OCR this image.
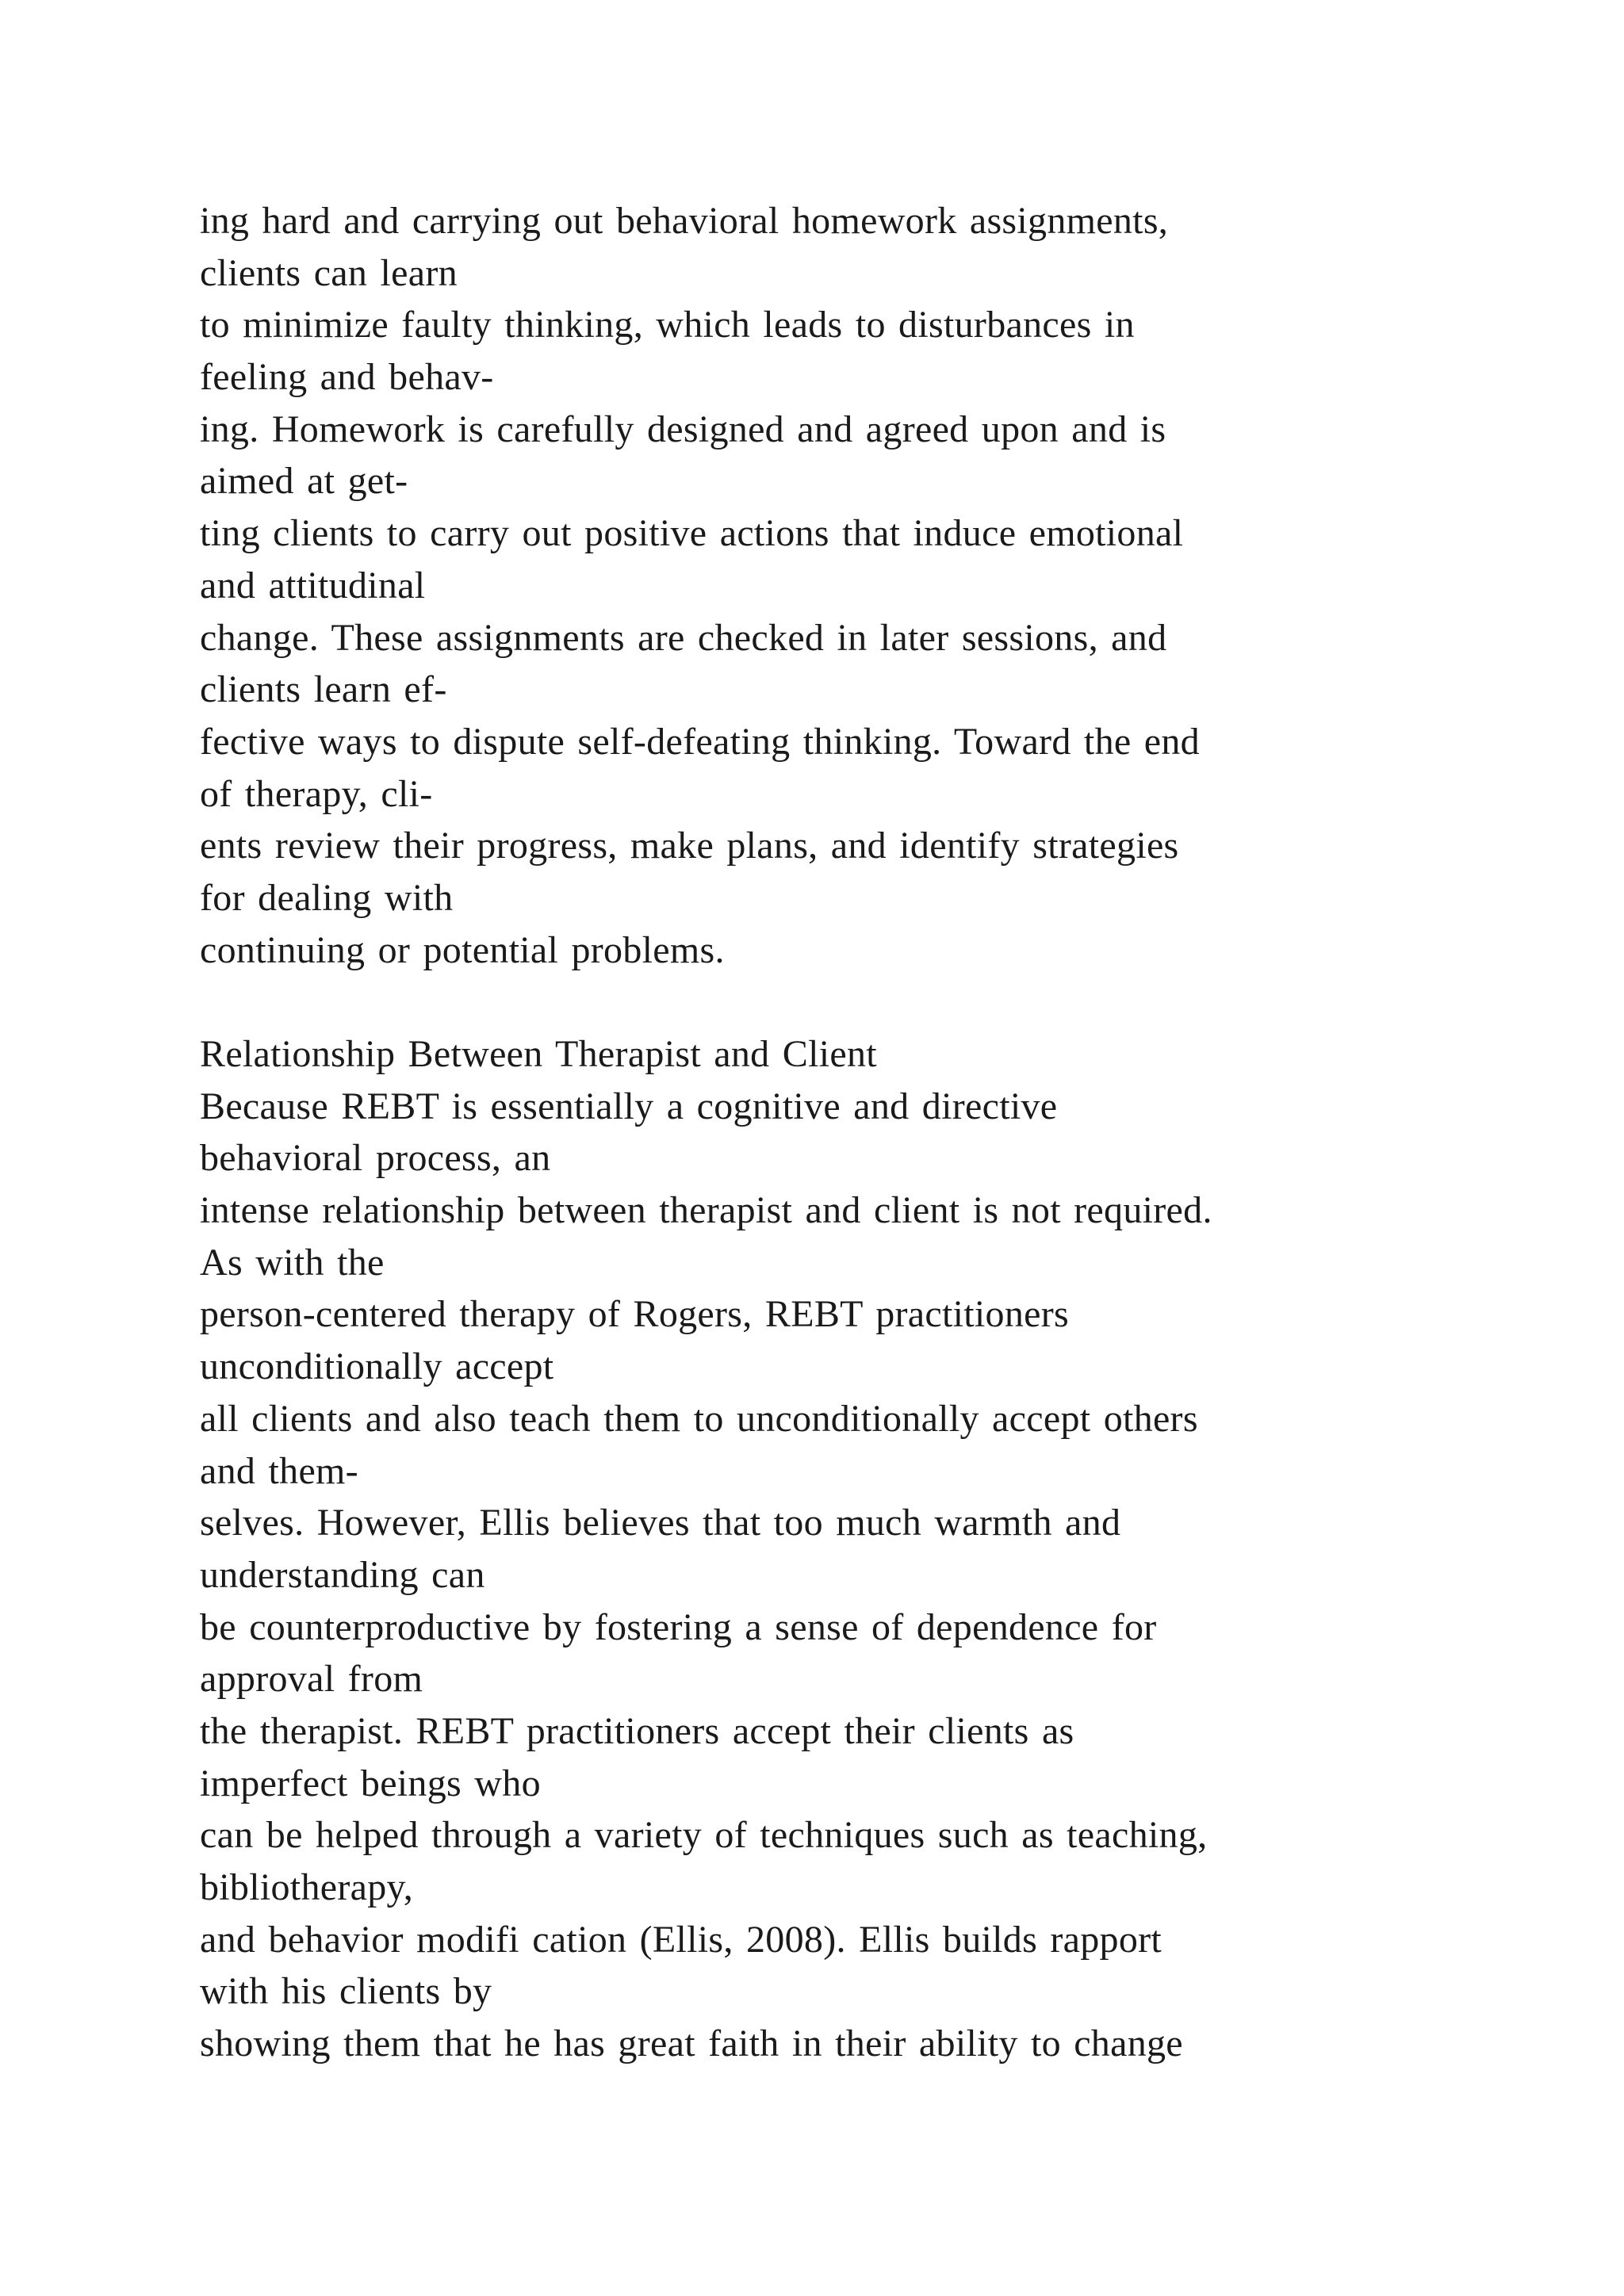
ing hard and carrying out behavioral homework assignments,
clients can learn
to minimize faulty thinking, which leads to disturbances in
feeling and behav-
ing. Homework is carefully designed and agreed upon and is
aimed at get-
ting clients to carry out positive actions that induce emotional
and attitudinal
change. These assignments are checked in later sessions, and
clients learn ef-
fective ways to dispute self-defeating thinking. Toward the end
of therapy, cli-
ents review their progress, make plans, and identify strategies
for dealing with
continuing or potential problems.
Relationship Between Therapist and Client
Because REBT is essentially a cognitive and directive
behavioral process, an
intense relationship between therapist and client is not required.
As with the
person-centered therapy of Rogers, REBT practitioners
unconditionally accept
all clients and also teach them to unconditionally accept others
and them-
selves. However, Ellis believes that too much warmth and
understanding can
be counterproductive by fostering a sense of dependence for
approval from
the therapist. REBT practitioners accept their clients as
imperfect beings who
can be helped through a variety of techniques such as teaching,
bibliotherapy,
and behavior modifi cation (Ellis, 2008). Ellis builds rapport
with his clients by
showing them that he has great faith in their ability to change
